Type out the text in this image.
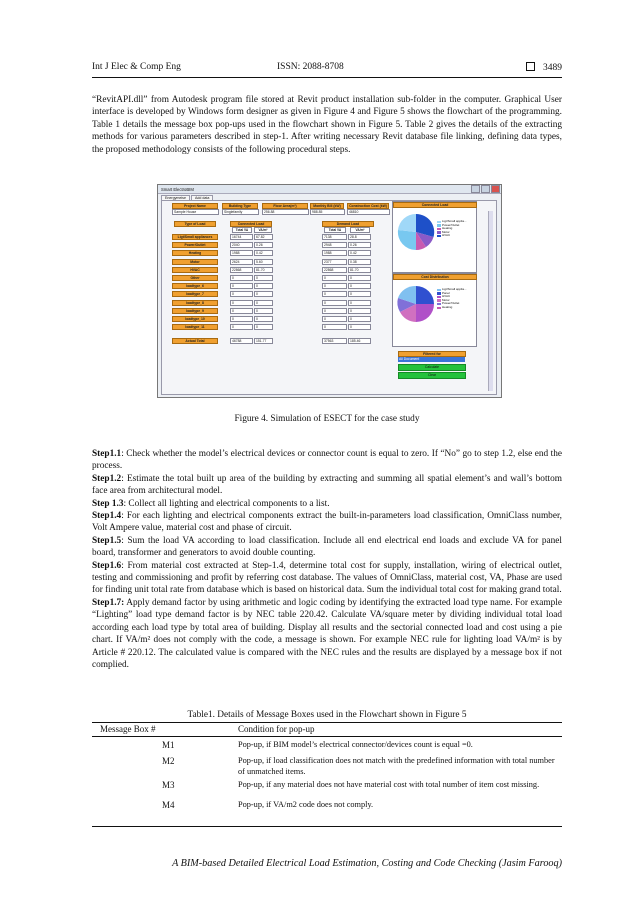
Int J Elec & Comp Eng	ISSN: 2088-8708	3489

“RevitAPI.dll” from Autodesk program file stored at Revit product installation sub-folder in the computer. Graphical User interface is developed by Windows form designer as given in Figure 4 and Figure 5 shows the flowchart of the programming. Table 1 details the message box pop-ups used in the flowchart shown in Figure 5. Table 2 gives the details of the extracting methods for various parameters described in step-1. After writing necessary Revit database file linking, defining data types, the proposed methodology consists of the following procedural steps.

Smart ElectroBIM
Energymeise	Add data
Connected Load
Ligt/Small applia...
Power/Outlet
Heating
Motor
HVAC
Cost Distribution
Ligt/Small applia...
Panel
HVAC
Motor
Power/Outlet
Heating
Filtered for
All Document
Calculate
Clear
Project Name
Sample House
Building Type
Singlefamily
Floor Area(m²)
256.88
Monthly Bill (kW)
988.85
Construction Cost (kW)
46810
Type of Load	Connected Load	Demand Load
Total VA	VA/m²	Total VA	VA/m²
Ligt/Small appliances	16744	67.82	7138	28.8
Power/Outlet	2040	0.26	2948	0.26
Heating	1988	0.42	1988	0.42
Motor	2624	5.60	2377	0.38
HVAC	22868	81.70	22868	81.70
Other	0	0	0	0
loadtype_6	0	0	0	0
loadtype_7	0	0	0	0
loadtype_8	0	0	0	0
loadtype_9	0	0	0	0
loadtype_10	0	0	0	0
loadtype_11	0	0	0	0
Actual Total	46788	151.77	37563	185.46
Figure 4. Simulation of ESECT for the case study

Step1.1: Check whether the model’s electrical devices or connector count is equal to zero. If “No” go to step 1.2, else end the process.

Step1.2: Estimate the total built up area of the building by extracting and summing all spatial element’s and wall’s bottom face area from architectural model.

Step 1.3: Collect all lighting and electrical components to a list.

Step1.4: For each lighting and electrical components extract the built-in-parameters load classification, OmniClass number, Volt Ampere value, material cost and phase of circuit.

Step1.5: Sum the load VA according to load classification. Include all end electrical end loads and exclude VA for panel board, transformer and generators to avoid double counting.

Step1.6: From material cost extracted at Step-1.4, determine total cost for supply, installation, wiring of electrical outlet, testing and commissioning and profit by referring cost database. The values of OmniClass, material cost, VA, Phase are used for finding unit total rate from database which is based on historical data. Sum the individual total cost for making grand total.

Step1.7: Apply demand factor by using arithmetic and logic coding by identifying the extracted load type name. For example “Lighting” load type demand factor is by NEC table 220.42. Calculate VA/square meter by dividing individual total load according each load type by total area of building. Display all results and the sectorial connected load and cost using a pie chart. If VA/m² does not comply with the code, a message is shown. For example NEC rule for lighting load VA/m² is by Article # 220.12. The calculated value is compared with the NEC rules and the results are displayed by a message box if not complied.

Table1. Details of Message Boxes used in the Flowchart shown in Figure 5
Message Box #	Condition for pop-up
M1	Pop-up, if BIM model’s electrical connector/devices count is equal =0.
M2	Pop-up, if load classification does not match with the predefined information with total number of unmatched items.
M3	Pop-up, if any material does not have material cost with total number of item cost missing.
M4	Pop-up, if VA/m2 code does not comply.
A BIM-based Detailed Electrical Load Estimation, Costing and Code Checking (Jasim Farooq)
